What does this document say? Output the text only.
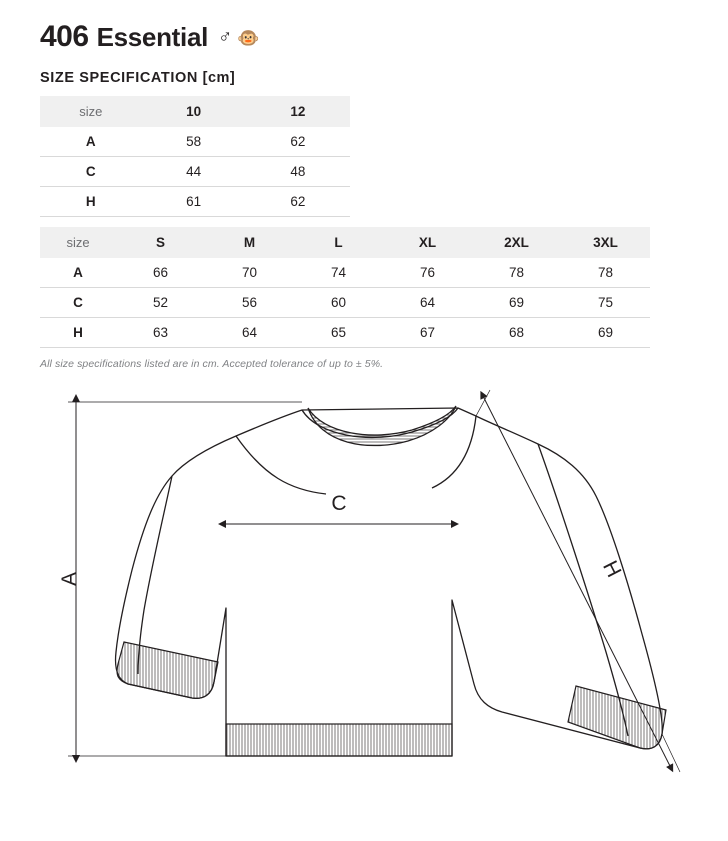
406 Essential ♂ 🐵
SIZE SPECIFICATION [cm]
size	10	12
A	58	62
C	44	48
H	61	62
size	S	M	L	XL	2XL	3XL
A	66	70	74	76	78	78
C	52	56	60	64	69	75
H	63	64	65	67	68	69
All size specifications listed are in cm. Accepted tolerance of up to ± 5%.
A
C
H
